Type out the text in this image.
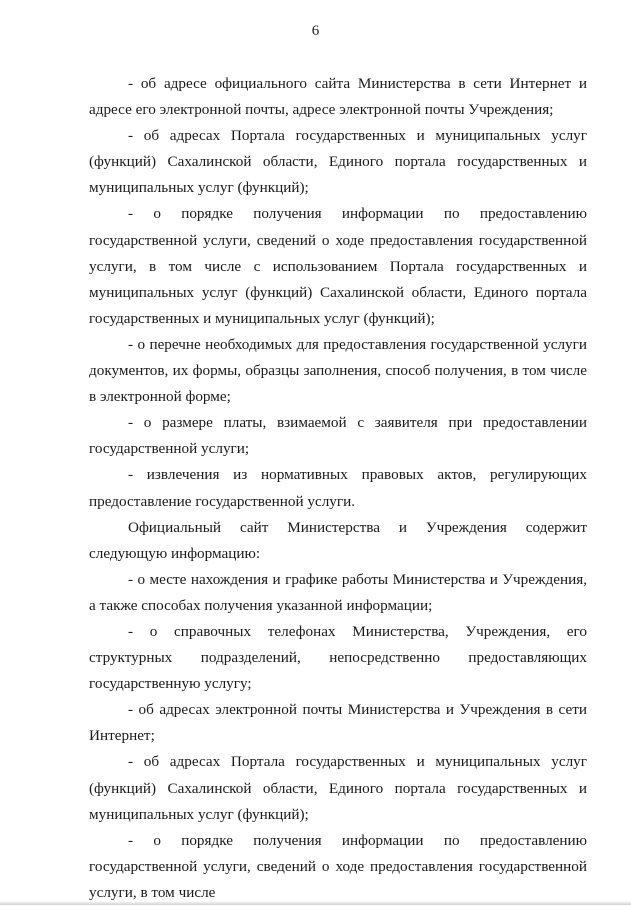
6

- об адресе официального сайта Министерства в сети Интернет и адресе его электронной почты, адресе электронной почты Учреждения;

- об адресах Портала государственных и муниципальных услуг (функций) Сахалинской области, Единого портала государственных и муниципальных услуг (функций);

- о порядке получения информации по предоставлению государственной услуги, сведений о ходе предоставления государственной услуги, в том числе с использованием Портала государственных и муниципальных услуг (функций) Сахалинской области, Единого портала государственных и муниципальных услуг (функций);

- о перечне необходимых для предоставления государственной услуги документов, их формы, образцы заполнения, способ получения, в том числе в электронной форме;

- о размере платы, взимаемой с заявителя при предоставлении государственной услуги;

- извлечения из нормативных правовых актов, регулирующих предоставление государственной услуги.

Официальный сайт Министерства и Учреждения содержит следующую информацию:

- о месте нахождения и графике работы Министерства и Учреждения, а также способах получения указанной информации;

- о справочных телефонах Министерства, Учреждения, его структурных подразделений, непосредственно предоставляющих государственную услугу;

- об адресах электронной почты Министерства и Учреждения в сети Интернет;

- об адресах Портала государственных и муниципальных услуг (функций) Сахалинской области, Единого портала государственных и муниципальных услуг (функций);

- о порядке получения информации по предоставлению государственной услуги, сведений о ходе предоставления государственной услуги, в том числе
